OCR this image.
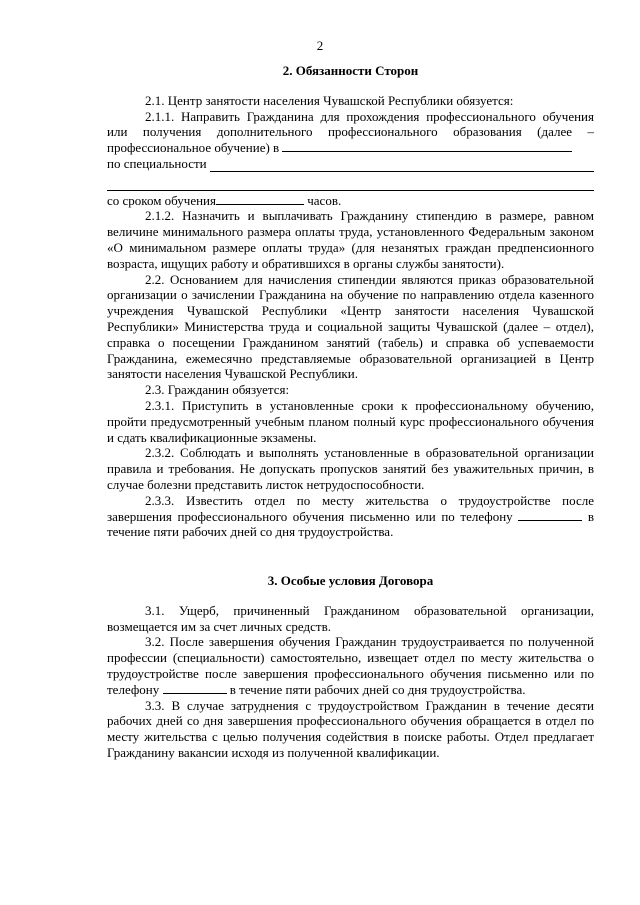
2

2. Обязанности Сторон

2.1. Центр занятости населения Чувашской Республики обязуется:

2.1.1. Направить Гражданина для прохождения профессионального обучения или получения дополнительного профессионального образования (далее – профессиональное обучение) в

по специальности

со сроком обучения	часов.

2.1.2. Назначить и выплачивать Гражданину стипендию в размере, равном величине минимального размера оплаты труда, установленного Федеральным законом «О минимальном размере оплаты труда» (для незанятых граждан предпенсионного возраста, ищущих работу и обратившихся в органы службы занятости).

2.2. Основанием для начисления стипендии являются приказ образовательной организации о зачислении Гражданина на обучение по направлению отдела казенного учреждения Чувашской Республики «Центр занятости населения Чувашской Республики» Министерства труда и социальной защиты Чувашской (далее – отдел), справка о посещении Гражданином занятий (табель) и справка об успеваемости Гражданина, ежемесячно представляемые образовательной организацией в Центр занятости населения Чувашской Республики.

2.3. Гражданин обязуется:

2.3.1. Приступить в установленные сроки к профессиональному обучению, пройти предусмотренный учебным планом полный курс профессионального обучения и сдать квалификационные экзамены.

2.3.2. Соблюдать и выполнять установленные в образовательной организации правила и требования. Не допускать пропусков занятий без уважительных причин, в случае болезни представить листок нетрудоспособности.

2.3.3. Известить отдел по месту жительства о трудоустройстве после завершения профессионального обучения письменно или по телефону	в течение пяти рабочих дней со дня трудоустройства.

3. Особые условия Договора

3.1. Ущерб, причиненный Гражданином образовательной организации, возмещается им за счет личных средств.

3.2. После завершения обучения Гражданин трудоустраивается по полученной профессии (специальности) самостоятельно, извещает отдел по месту жительства о трудоустройстве после завершения профессионального обучения письменно или по телефону	в течение пяти рабочих дней со дня трудоустройства.

3.3. В случае затруднения с трудоустройством Гражданин в течение десяти рабочих дней со дня завершения профессионального обучения обращается в отдел по месту жительства с целью получения содействия в поиске работы. Отдел предлагает Гражданину вакансии исходя из полученной квалификации.
